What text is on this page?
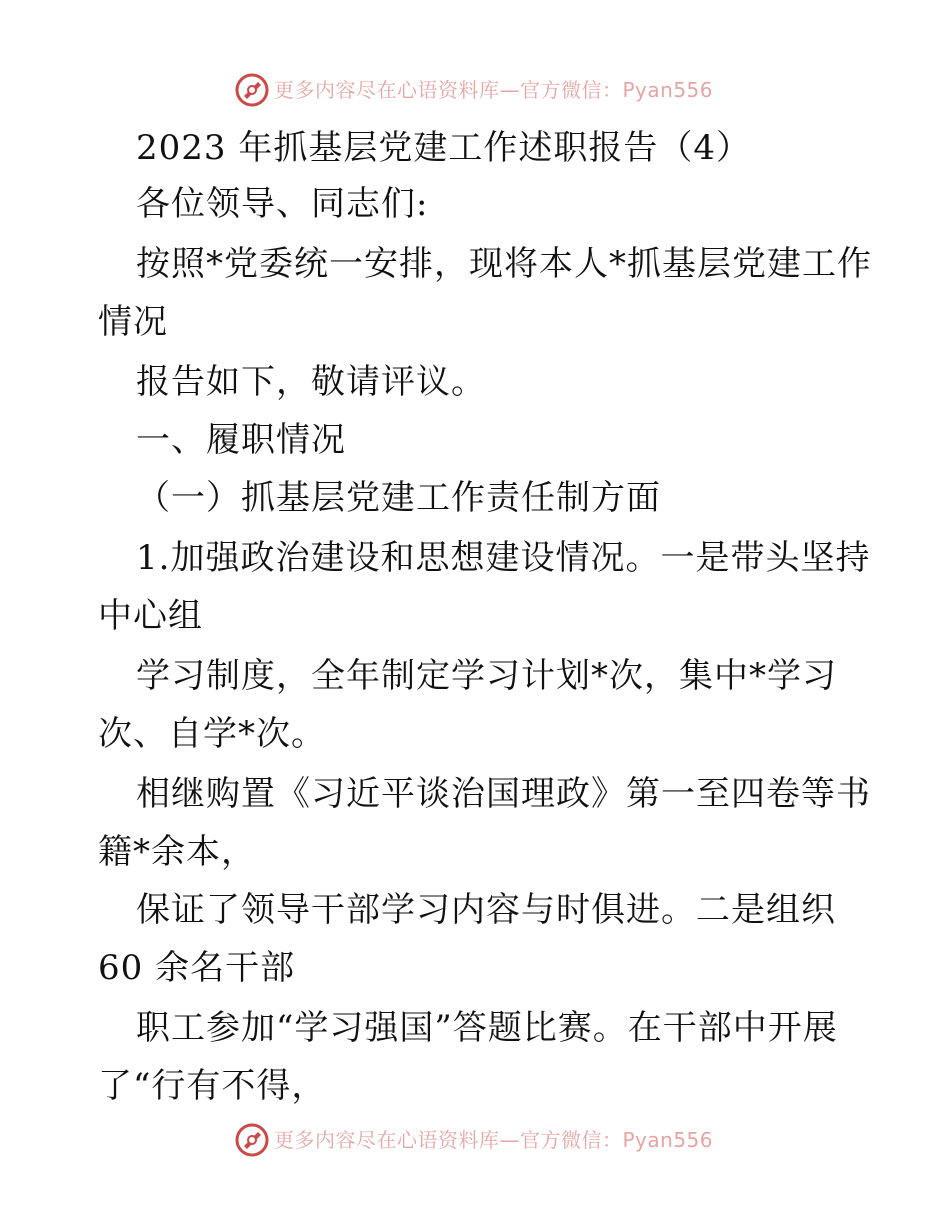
更多内容尽在心语资料库—官方微信：Pyan556
2023 年抓基层党建工作述职报告（4）
各位领导、同志们:
按照*党委统一安排，现将本人*抓基层党建工作
情况
报告如下，敬请评议。
一、履职情况
（一）抓基层党建工作责任制方面
1.加强政治建设和思想建设情况。一是带头坚持
中心组
学习制度，全年制定学习计划*次，集中*学习
次、自学*次。
相继购置《习近平谈治国理政》第一至四卷等书
籍*余本，
保证了领导干部学习内容与时俱进。二是组织
60 余名干部
职工参加“学习强国”答题比赛。在干部中开展
了“行有不得，
更多内容尽在心语资料库—官方微信：Pyan556
